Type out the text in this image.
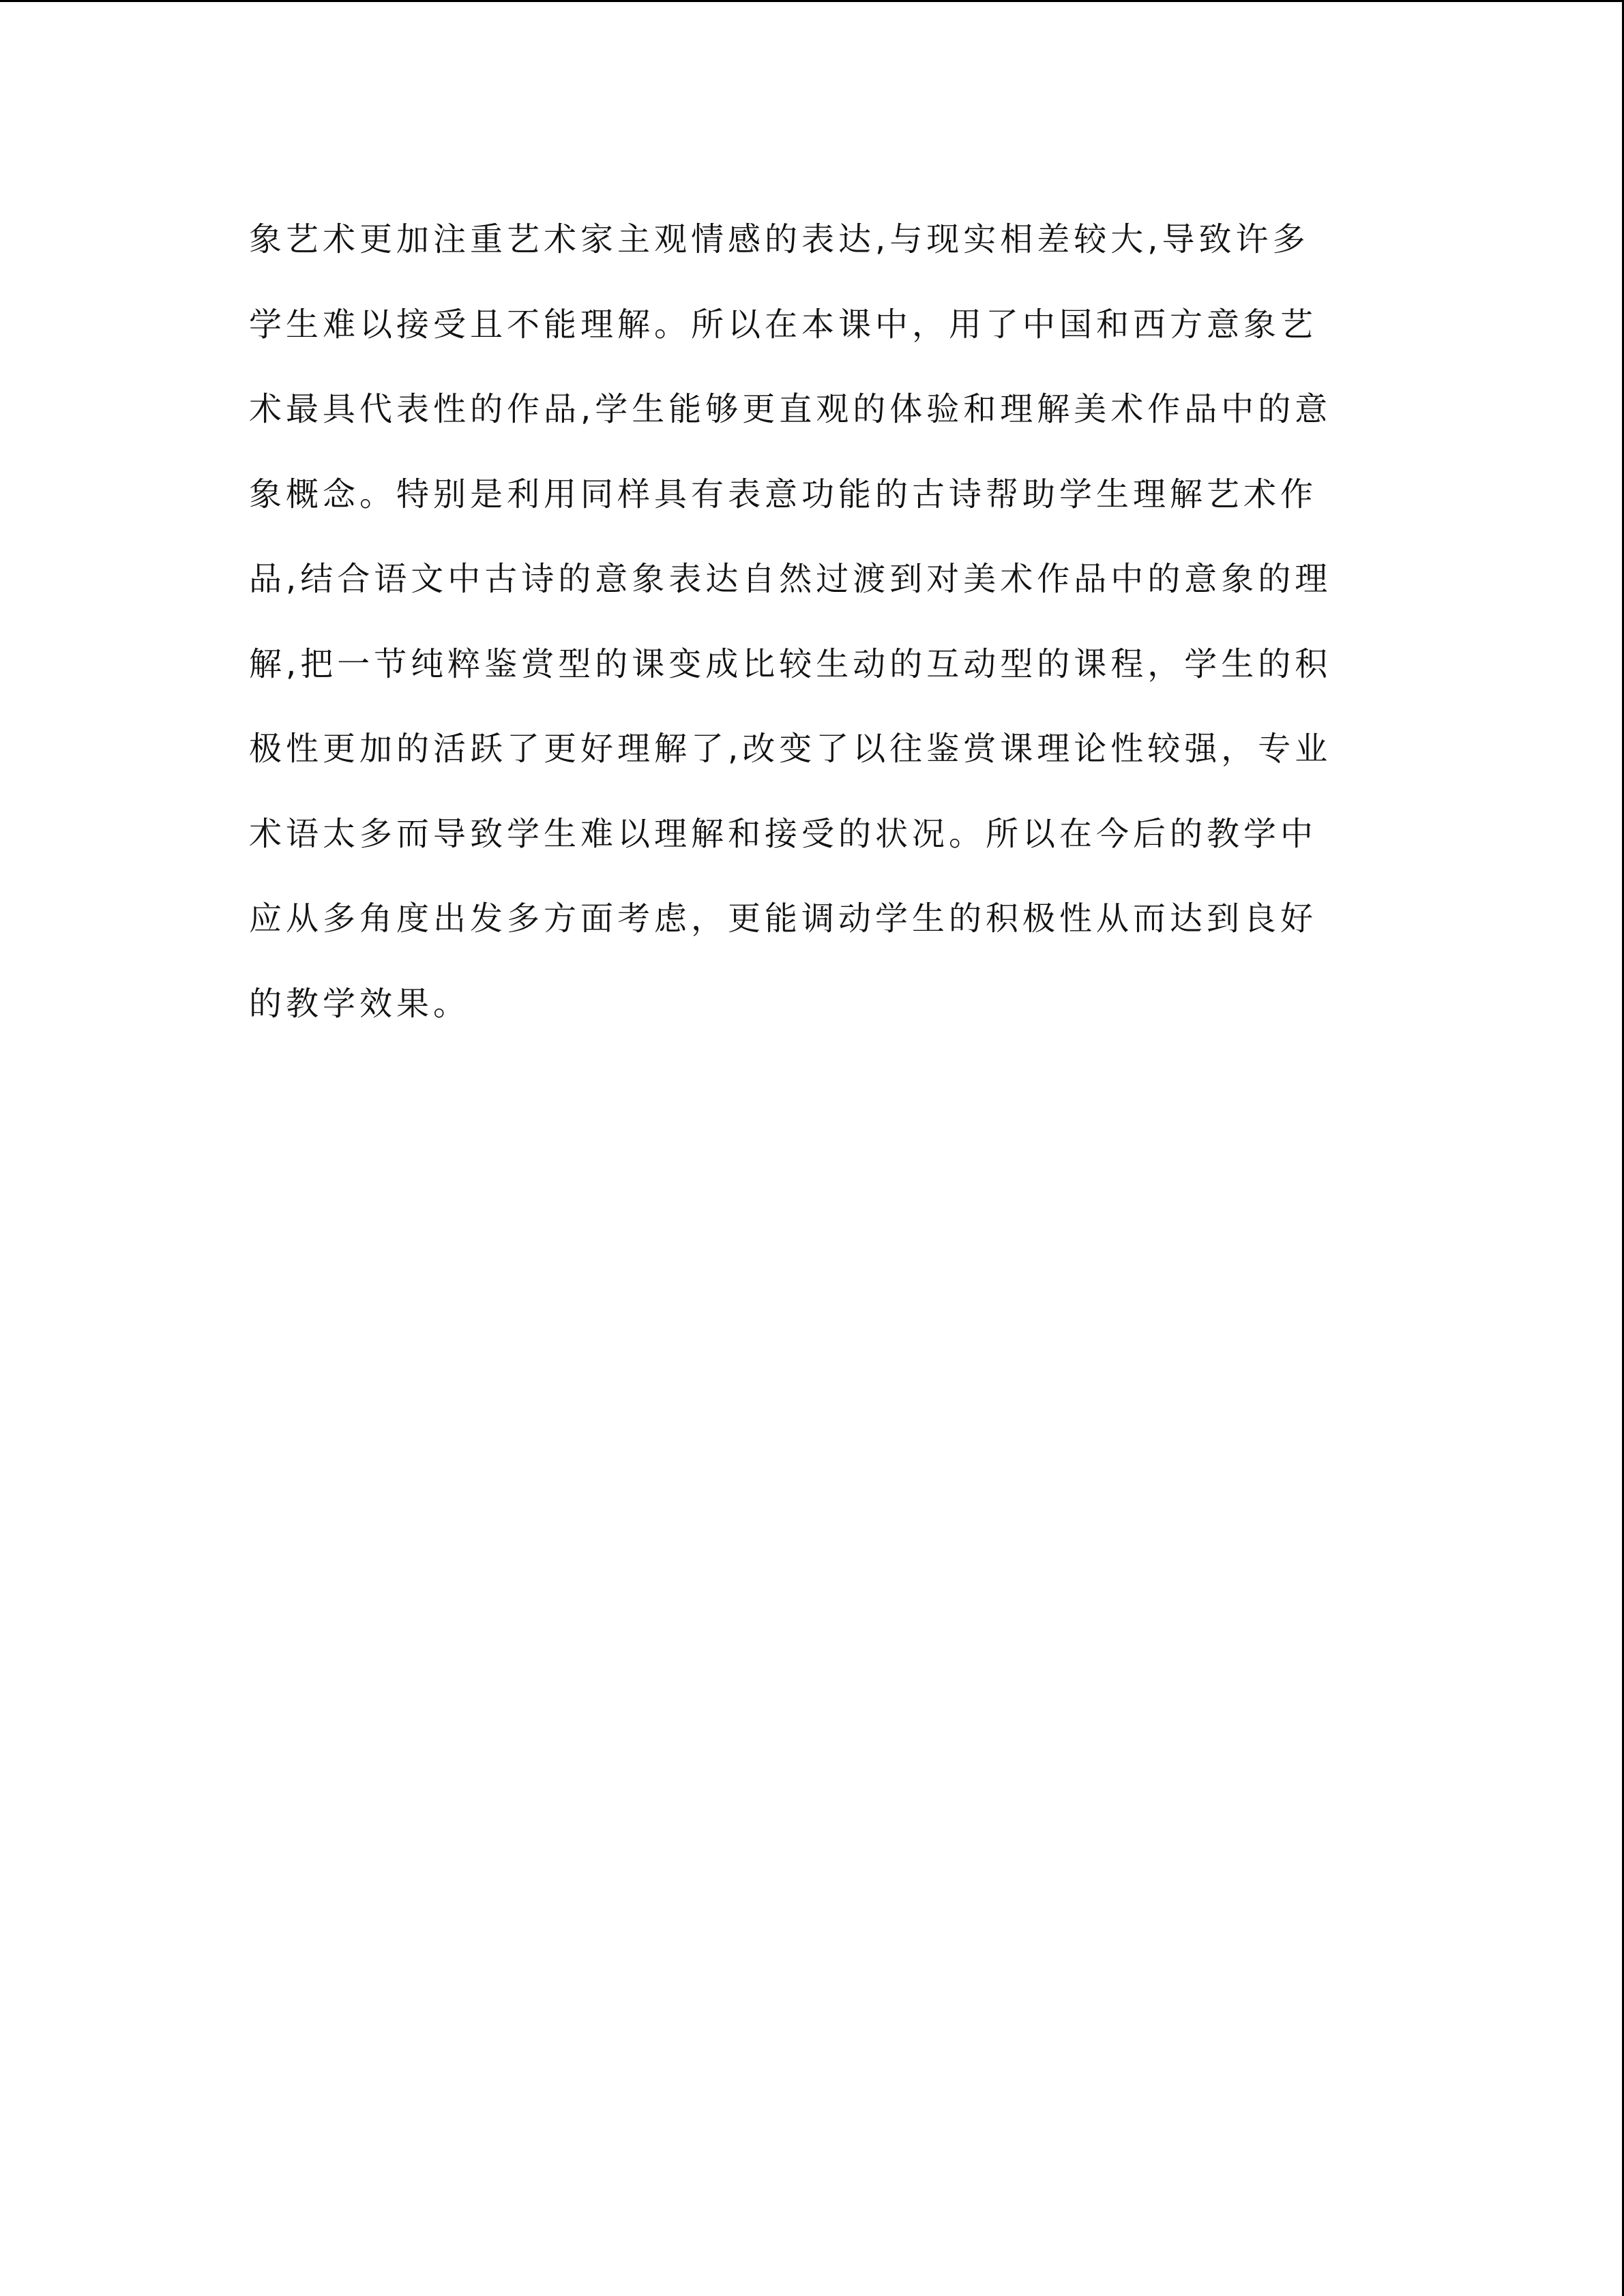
象艺术更加注重艺术家主观情感的表达,与现实相差较大,导致许多
学生难以接受且不能理解。所以在本课中，用了中国和西方意象艺
术最具代表性的作品,学生能够更直观的体验和理解美术作品中的意
象概念。特别是利用同样具有表意功能的古诗帮助学生理解艺术作
品,结合语文中古诗的意象表达自然过渡到对美术作品中的意象的理
解,把一节纯粹鉴赏型的课变成比较生动的互动型的课程，学生的积
极性更加的活跃了更好理解了,改变了以往鉴赏课理论性较强，专业
术语太多而导致学生难以理解和接受的状况。所以在今后的教学中
应从多角度出发多方面考虑，更能调动学生的积极性从而达到良好
的教学效果。
